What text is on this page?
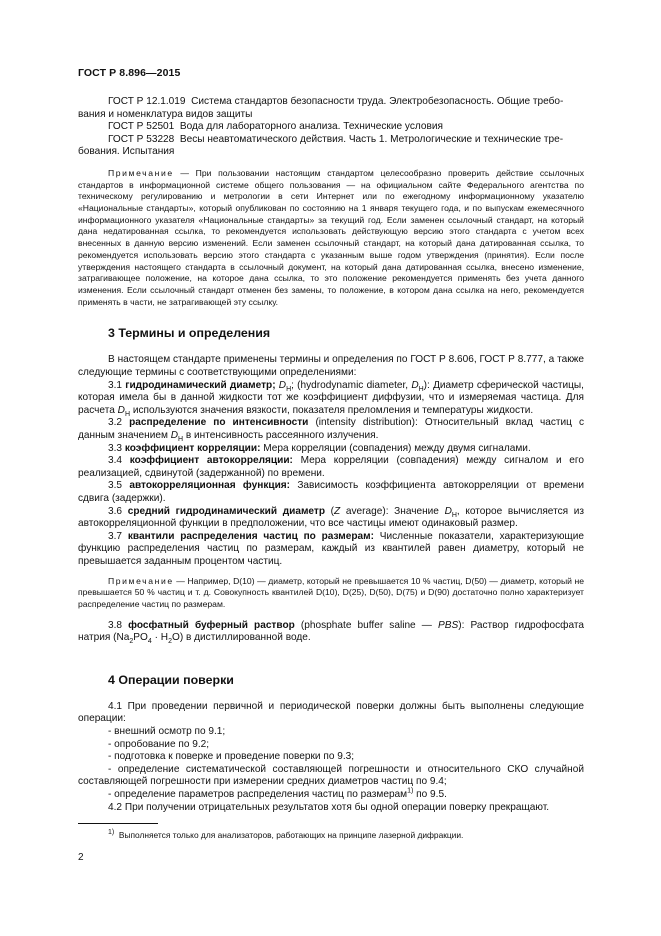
ГОСТ Р 8.896—2015

ГОСТ Р 12.1.019 Система стандартов безопасности труда. Электробезопасность. Общие требо-

вания и номенклатура видов защиты

ГОСТ Р 52501 Вода для лабораторного анализа. Технические условия

ГОСТ Р 53228 Весы неавтоматического действия. Часть 1. Метрологические и технические тре-

бования. Испытания

Примечание — При пользовании настоящим стандартом целесообразно проверить действие ссылочных стандартов в информационной системе общего пользования — на официальном сайте Федерального агентства по техническому регулированию и метрологии в сети Интернет или по ежегодному информационному указателю «Национальные стандарты», который опубликован по состоянию на 1 января текущего года, и по выпускам ежемесячного информационного указателя «Национальные стандарты» за текущий год. Если заменен ссылочный стандарт, на который дана недатированная ссылка, то рекомендуется использовать действующую версию этого стандарта с учетом всех внесенных в данную версию изменений. Если заменен ссылочный стандарт, на который дана датированная ссылка, то рекомендуется использовать версию этого стандарта с указанным выше годом утверждения (принятия). Если после утверждения настоящего стандарта в ссылочный документ, на который дана датированная ссылка, внесено изменение, затрагивающее положение, на которое дана ссылка, то это положение рекомендуется применять без учета данного изменения. Если ссылочный стандарт отменен без замены, то положение, в котором дана ссылка на него, рекомендуется применять в части, не затрагивающей эту ссылку.

3 Термины и определения

В настоящем стандарте применены термины и определения по ГОСТ Р 8.606, ГОСТ Р 8.777, а также следующие термины с соответствующими определениями:

3.1 гидродинамический диаметр; $D_H$; (hydrodynamic diameter, $D_H$): Диаметр сферической частицы, которая имела бы в данной жидкости тот же коэффициент диффузии, что и измеряемая частица. Для расчета $D_H$ используются значения вязкости, показателя преломления и температуры жидкости.

3.2 распределение по интенсивности (intensity distribution): Относительный вклад частиц с данным значением $D_H$ в интенсивность рассеянного излучения.

3.3 коэффициент корреляции: Мера корреляции (совпадения) между двумя сигналами.

3.4 коэффициент автокорреляции: Мера корреляции (совпадения) между сигналом и его реализацией, сдвинутой (задержанной) по времени.

3.5 автокорреляционная функция: Зависимость коэффициента автокорреляции от времени сдвига (задержки).

3.6 средний гидродинамический диаметр (Z average): Значение $D_H$, которое вычисляется из автокорреляционной функции в предположении, что все частицы имеют одинаковый размер.

3.7 квантили распределения частиц по размерам: Численные показатели, характеризующие функцию распределения частиц по размерам, каждый из квантилей равен диаметру, который не превышается заданным процентом частиц.

Примечание — Например, D(10) — диаметр, который не превышается 10 % частиц, D(50) — диаметр, который не превышается 50 % частиц и т. д. Совокупность квантилей D(10), D(25), D(50), D(75) и D(90) достаточно полно характеризует распределение частиц по размерам.

3.8 фосфатный буферный раствор (phosphate buffer saline — PBS): Раствор гидрофосфата натрия $(Na_2PO_4 \cdot H_2O)$ в дистиллированной воде.

4 Операции поверки

4.1 При проведении первичной и периодической поверки должны быть выполнены следующие операции:

- внешний осмотр по 9.1;

- опробование по 9.2;

- подготовка к поверке и проведение поверки по 9.3;

- определение систематической составляющей погрешности и относительного СКО случайной составляющей погрешности при измерении средних диаметров частиц по 9.4;

- определение параметров распределения частиц по размерам$^{1)}$ по 9.5.

4.2 При получении отрицательных результатов хотя бы одной операции поверку прекращают.

$^{1)}$ Выполняется только для анализаторов, работающих на принципе лазерной дифракции.
2
